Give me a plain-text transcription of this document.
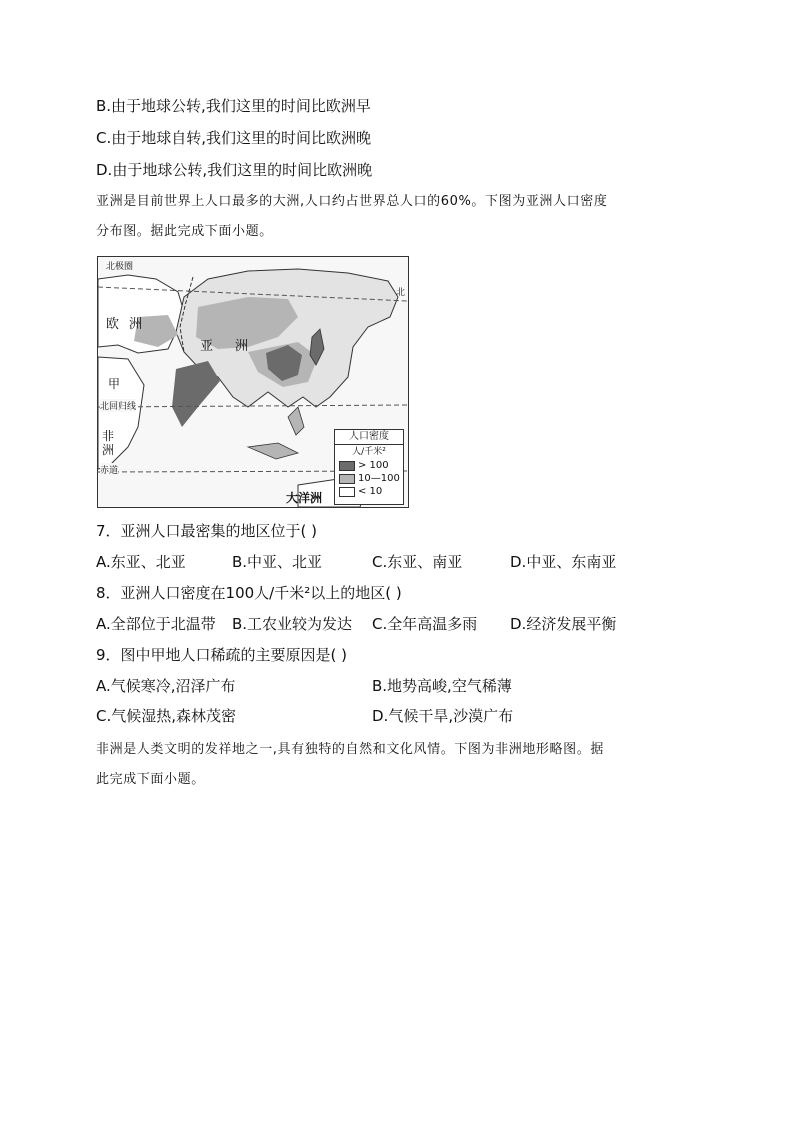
B.由于地球公转,我们这里的时间比欧洲早
C.由于地球自转,我们这里的时间比欧洲晚
D.由于地球公转,我们这里的时间比欧洲晚
亚洲是目前世界上人口最多的大洲,人口约占世界总人口的60%。下图为亚洲人口密度
分布图。据此完成下面小题。
北极圈
欧洲
亚洲
甲
北回归线
非洲
赤道
大洋洲
北
人口密度
人/千米²
> 100
10—100
< 10
7．亚洲人口最密集的地区位于( )
A.东亚、北亚	B.中亚、北亚	C.东亚、南亚	D.中亚、东南亚
8．亚洲人口密度在100人/千米²以上的地区( )
A.全部位于北温带 B.工农业较为发达 C.全年高温多雨 D.经济发展平衡
9．图中甲地人口稀疏的主要原因是( )
A.气候寒冷,沼泽广布	B.地势高峻,空气稀薄
C.气候湿热,森林茂密	D.气候干旱,沙漠广布
非洲是人类文明的发祥地之一,具有独特的自然和文化风情。下图为非洲地形略图。据
此完成下面小题。
